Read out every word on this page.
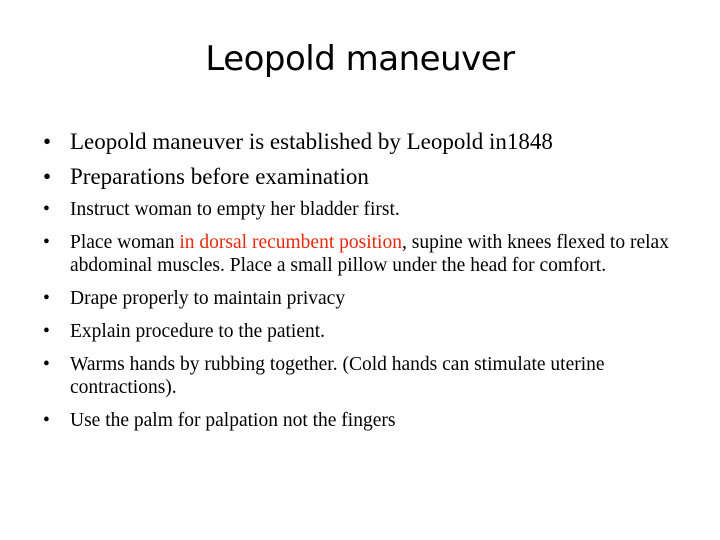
Leopold maneuver
• Leopold maneuver is established by Leopold in1848
• Preparations before examination
•	Instruct woman to empty her bladder first.
•	Place woman in dorsal recumbent position, supine with knees flexed to relax abdominal muscles. Place a small pillow under the head for comfort.
•	Drape properly to maintain privacy
•	Explain procedure to the patient.
•	Warms hands by rubbing together. (Cold hands can stimulate uterine contractions).
•	Use the palm for palpation not the fingers
